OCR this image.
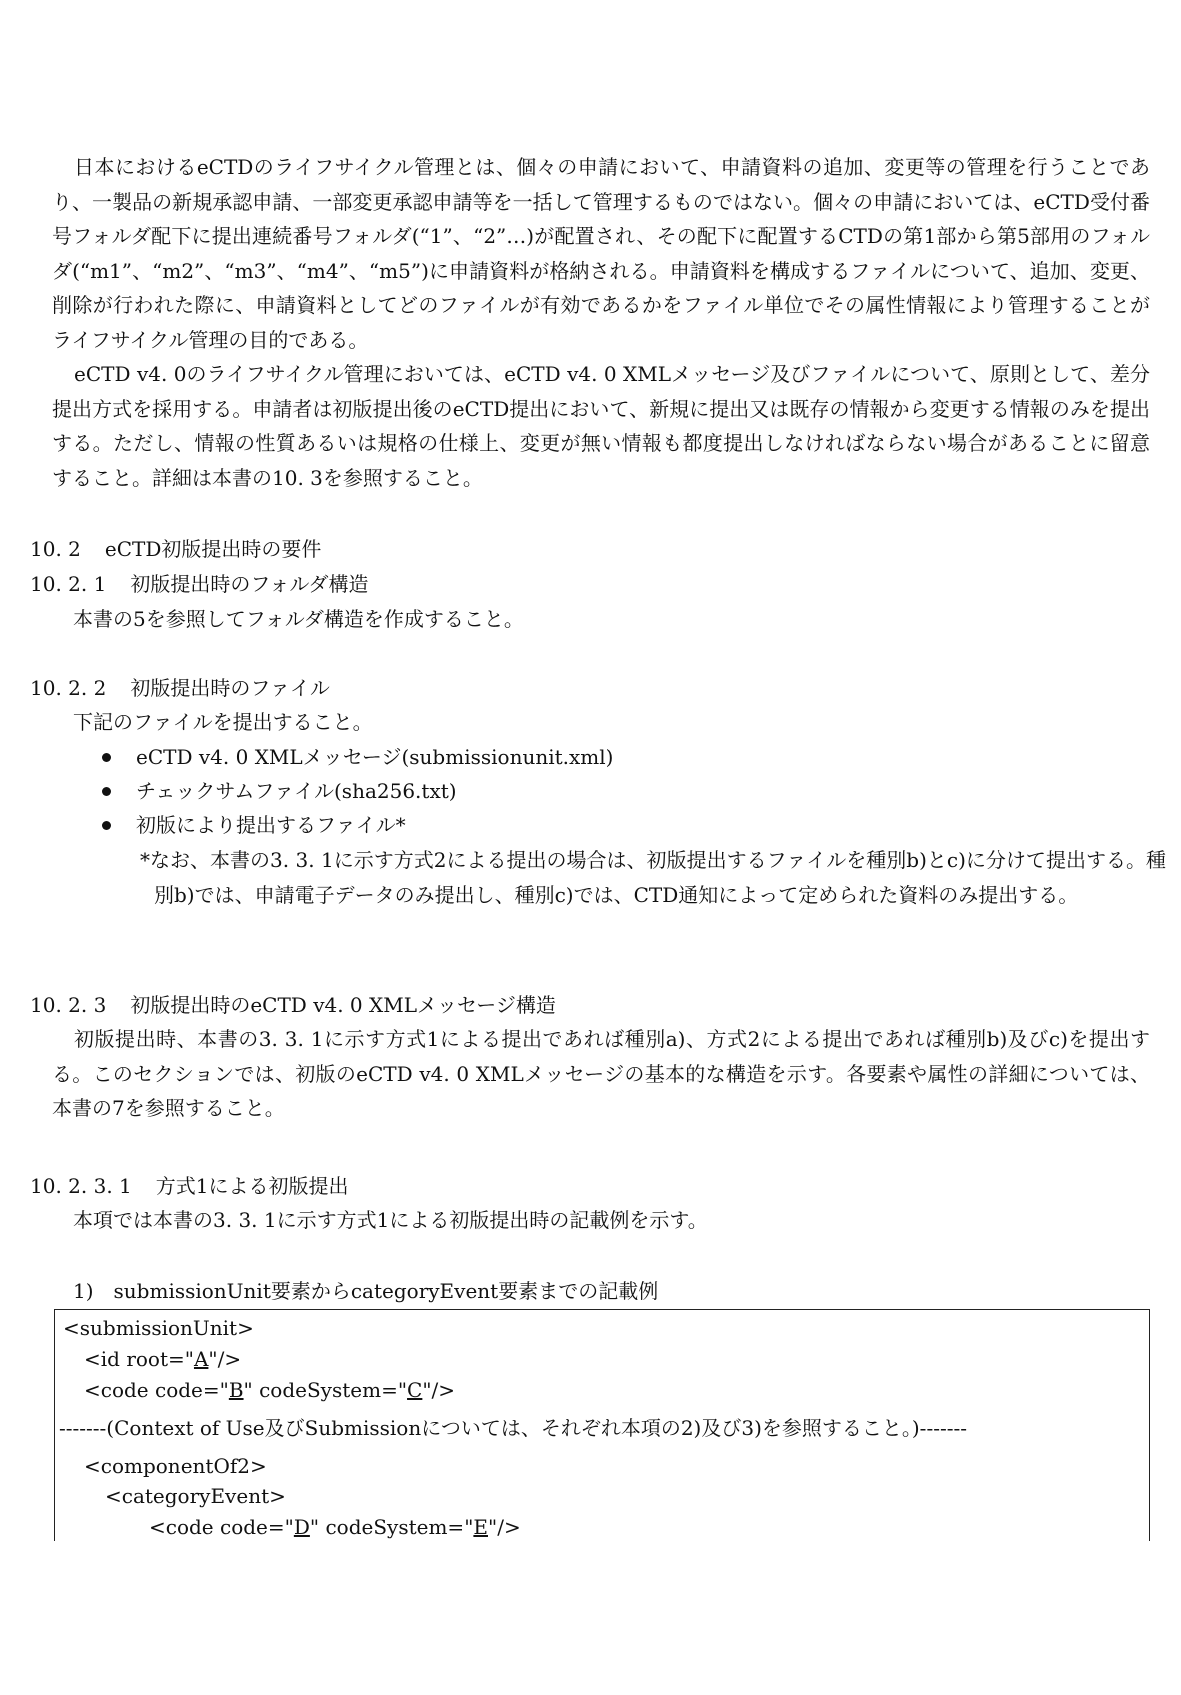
日本におけるeCTDのライフサイクル管理とは、個々の申請において、申請資料の追加、変更等の管理を行うことであり、一製品の新規承認申請、一部変更承認申請等を一括して管理するものではない。個々の申請においては、eCTD受付番号フォルダ配下に提出連続番号フォルダ(“1”、“2”…)が配置され、その配下に配置するCTDの第1部から第5部用のフォルダ(“m1”、“m2”、“m3”、“m4”、“m5”)に申請資料が格納される。申請資料を構成するファイルについて、追加、変更、削除が行われた際に、申請資料としてどのファイルが有効であるかをファイル単位でその属性情報により管理することがライフサイクル管理の目的である。

eCTD v4. 0のライフサイクル管理においては、eCTD v4. 0 XMLメッセージ及びファイルについて、原則として、差分提出方式を採用する。申請者は初版提出後のeCTD提出において、新規に提出又は既存の情報から変更する情報のみを提出する。ただし、情報の性質あるいは規格の仕様上、変更が無い情報も都度提出しなければならない場合があることに留意すること。詳細は本書の10. 3を参照すること。

10. 2 eCTD初版提出時の要件

10. 2. 1 初版提出時のフォルダ構造

本書の5を参照してフォルダ構造を作成すること。

10. 2. 2 初版提出時のファイル

下記のファイルを提出すること。

eCTD v4. 0 XMLメッセージ(submissionunit.xml)
チェックサムファイル(sha256.txt)
初版により提出するファイル*

*なお、本書の3. 3. 1に示す方式2による提出の場合は、初版提出するファイルを種別b)とc)に分けて提出する。種別b)では、申請電子データのみ提出し、種別c)では、CTD通知によって定められた資料のみ提出する。

10. 2. 3 初版提出時のeCTD v4. 0 XMLメッセージ構造

初版提出時、本書の3. 3. 1に示す方式1による提出であれば種別a)、方式2による提出であれば種別b)及びc)を提出する。このセクションでは、初版のeCTD v4. 0 XMLメッセージの基本的な構造を示す。各要素や属性の詳細については、本書の7を参照すること。

10. 2. 3. 1 方式1による初版提出

本項では本書の3. 3. 1に示す方式1による初版提出時の記載例を示す。

1)　submissionUnit要素からcategoryEvent要素までの記載例

<submissionUnit>

<id root="A"/>

<code code="B" codeSystem="C"/>

-------(Context of Use及びSubmissionについては、それぞれ本項の2)及び3)を参照すること。)-------

<componentOf2>

<categoryEvent>

<code code="D" codeSystem="E"/>
